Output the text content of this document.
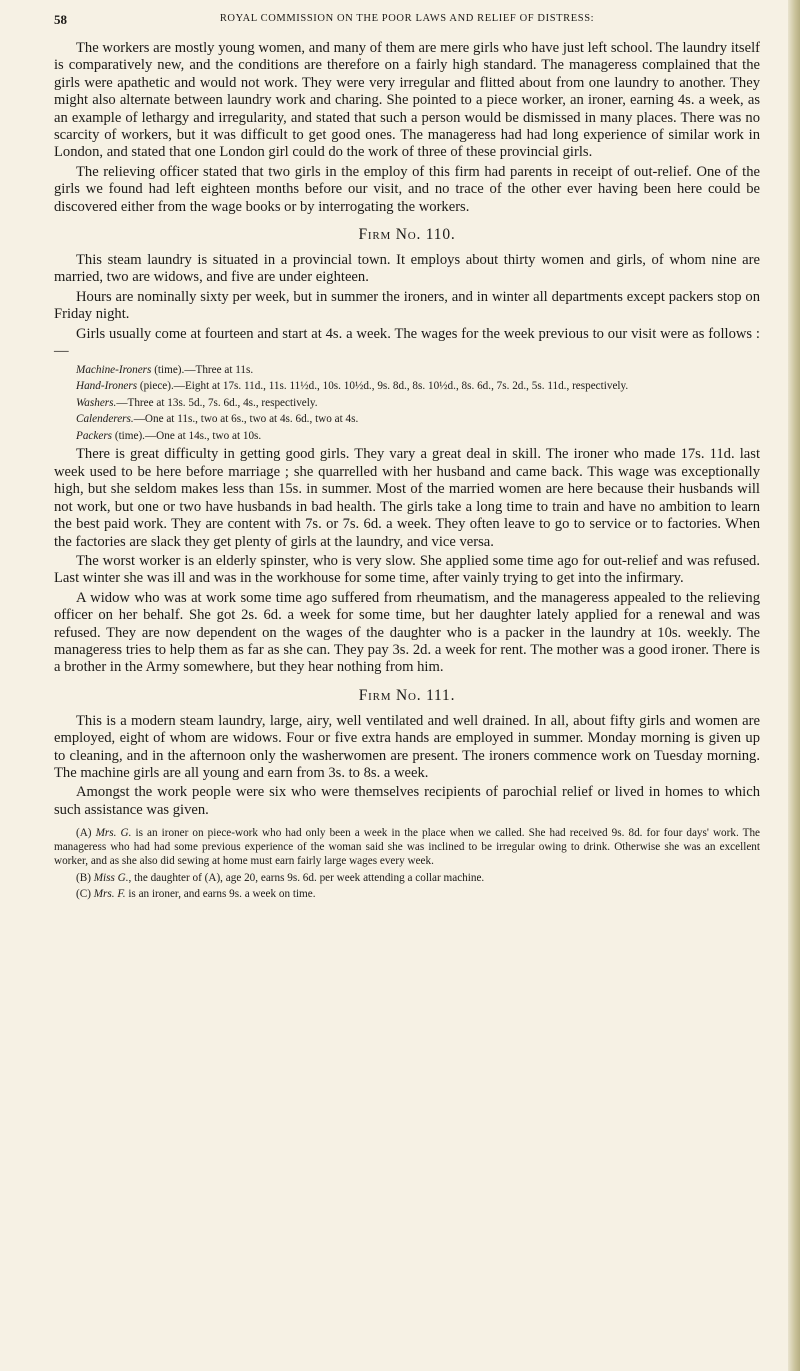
58	ROYAL COMMISSION ON THE POOR LAWS AND RELIEF OF DISTRESS:

The workers are mostly young women, and many of them are mere girls who have just left school. The laundry itself is comparatively new, and the conditions are therefore on a fairly high standard. The manageress complained that the girls were apathetic and would not work. They were very irregular and flitted about from one laundry to another. They might also alternate between laundry work and charing. She pointed to a piece worker, an ironer, earning 4s. a week, as an example of lethargy and irregularity, and stated that such a person would be dismissed in many places. There was no scarcity of workers, but it was difficult to get good ones. The manageress had had long experience of similar work in London, and stated that one London girl could do the work of three of these provincial girls.

The relieving officer stated that two girls in the employ of this firm had parents in receipt of out-relief. One of the girls we found had left eighteen months before our visit, and no trace of the other ever having been here could be discovered either from the wage books or by interrogating the workers.

Firm No. 110.

This steam laundry is situated in a provincial town. It employs about thirty women and girls, of whom nine are married, two are widows, and five are under eighteen.

Hours are nominally sixty per week, but in summer the ironers, and in winter all departments except packers stop on Friday night.

Girls usually come at fourteen and start at 4s. a week. The wages for the week previous to our visit were as follows :—

Machine-Ironers (time).—Three at 11s.
Hand-Ironers (piece).—Eight at 17s. 11d., 11s. 11½d., 10s. 10½d., 9s. 8d., 8s. 10½d., 8s. 6d., 7s. 2d., 5s. 11d., respectively.
Washers.—Three at 13s. 5d., 7s. 6d., 4s., respectively.
Calenderers.—One at 11s., two at 6s., two at 4s. 6d., two at 4s.
Packers (time).—One at 14s., two at 10s.

There is great difficulty in getting good girls. They vary a great deal in skill. The ironer who made 17s. 11d. last week used to be here before marriage ; she quarrelled with her husband and came back. This wage was exceptionally high, but she seldom makes less than 15s. in summer. Most of the married women are here because their husbands will not work, but one or two have husbands in bad health. The girls take a long time to train and have no ambition to learn the best paid work. They are content with 7s. or 7s. 6d. a week. They often leave to go to service or to factories. When the factories are slack they get plenty of girls at the laundry, and vice versa.

The worst worker is an elderly spinster, who is very slow. She applied some time ago for out-relief and was refused. Last winter she was ill and was in the workhouse for some time, after vainly trying to get into the infirmary.

A widow who was at work some time ago suffered from rheumatism, and the manageress appealed to the relieving officer on her behalf. She got 2s. 6d. a week for some time, but her daughter lately applied for a renewal and was refused. They are now dependent on the wages of the daughter who is a packer in the laundry at 10s. weekly. The manageress tries to help them as far as she can. They pay 3s. 2d. a week for rent. The mother was a good ironer. There is a brother in the Army somewhere, but they hear nothing from him.

Firm No. 111.

This is a modern steam laundry, large, airy, well ventilated and well drained. In all, about fifty girls and women are employed, eight of whom are widows. Four or five extra hands are employed in summer. Monday morning is given up to cleaning, and in the afternoon only the washerwomen are present. The ironers commence work on Tuesday morning. The machine girls are all young and earn from 3s. to 8s. a week.

Amongst the work people were six who were themselves recipients of parochial relief or lived in homes to which such assistance was given.

(A) Mrs. G. is an ironer on piece-work who had only been a week in the place when we called. She had received 9s. 8d. for four days' work. The manageress who had had some previous experience of the woman said she was inclined to be irregular owing to drink. Otherwise she was an excellent worker, and as she also did sewing at home must earn fairly large wages every week.
(B) Miss G., the daughter of (A), age 20, earns 9s. 6d. per week attending a collar machine.
(C) Mrs. F. is an ironer, and earns 9s. a week on time.
